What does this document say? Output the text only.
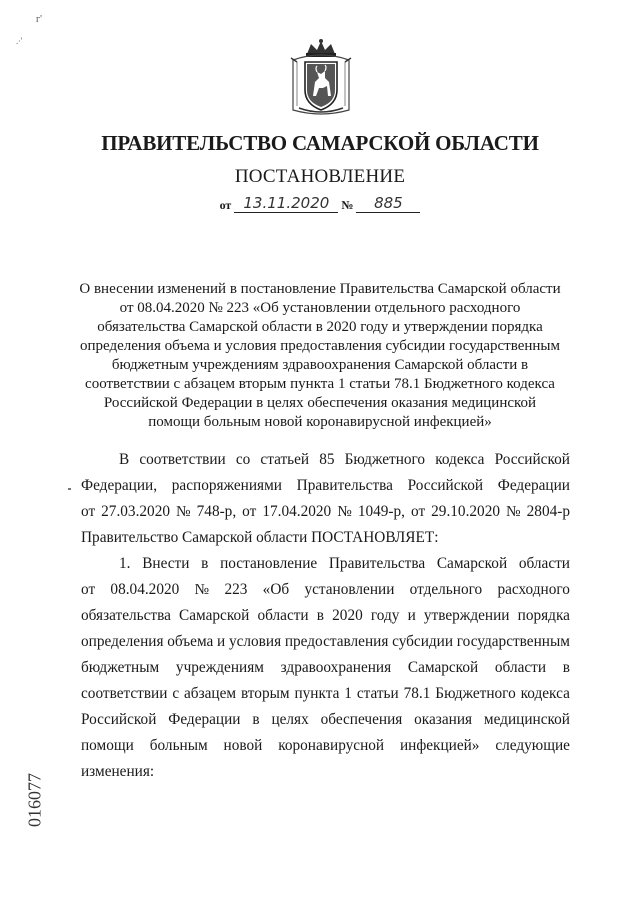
г'
.∙'
ПРАВИТЕЛЬСТВО САМАРСКОЙ ОБЛАСТИ
ПОСТАНОВЛЕНИЕ
от 13.11.2020 № 885
О внесении изменений в постановление Правительства Самарской области
от 08.04.2020 № 223 «Об установлении отдельного расходного
обязательства Самарской области в 2020 году и утверждении порядка
определения объема и условия предоставления субсидии государственным
бюджетным учреждениям здравоохранения Самарской области в
соответствии с абзацем вторым пункта 1 статьи 78.1 Бюджетного кодекса
Российской Федерации в целях обеспечения оказания медицинской
помощи больным новой коронавирусной инфекцией»
В соответствии со статьей 85 Бюджетного кодекса Российской
Федерации, распоряжениями Правительства Российской Федерации
от 27.03.2020 № 748-р, от 17.04.2020 № 1049-р, от 29.10.2020 № 2804-р
Правительство Самарской области ПОСТАНОВЛЯЕТ:
1. Внести в постановление Правительства Самарской области
от 08.04.2020 № 223 «Об установлении отдельного расходного
обязательства Самарской области в 2020 году и утверждении порядка
определения объема и условия предоставления субсидии государственным
бюджетным учреждениям здравоохранения Самарской области в
соответствии с абзацем вторым пункта 1 статьи 78.1 Бюджетного кодекса
Российской Федерации в целях обеспечения оказания медицинской
помощи больным новой коронавирусной инфекцией» следующие
изменения:
016077
